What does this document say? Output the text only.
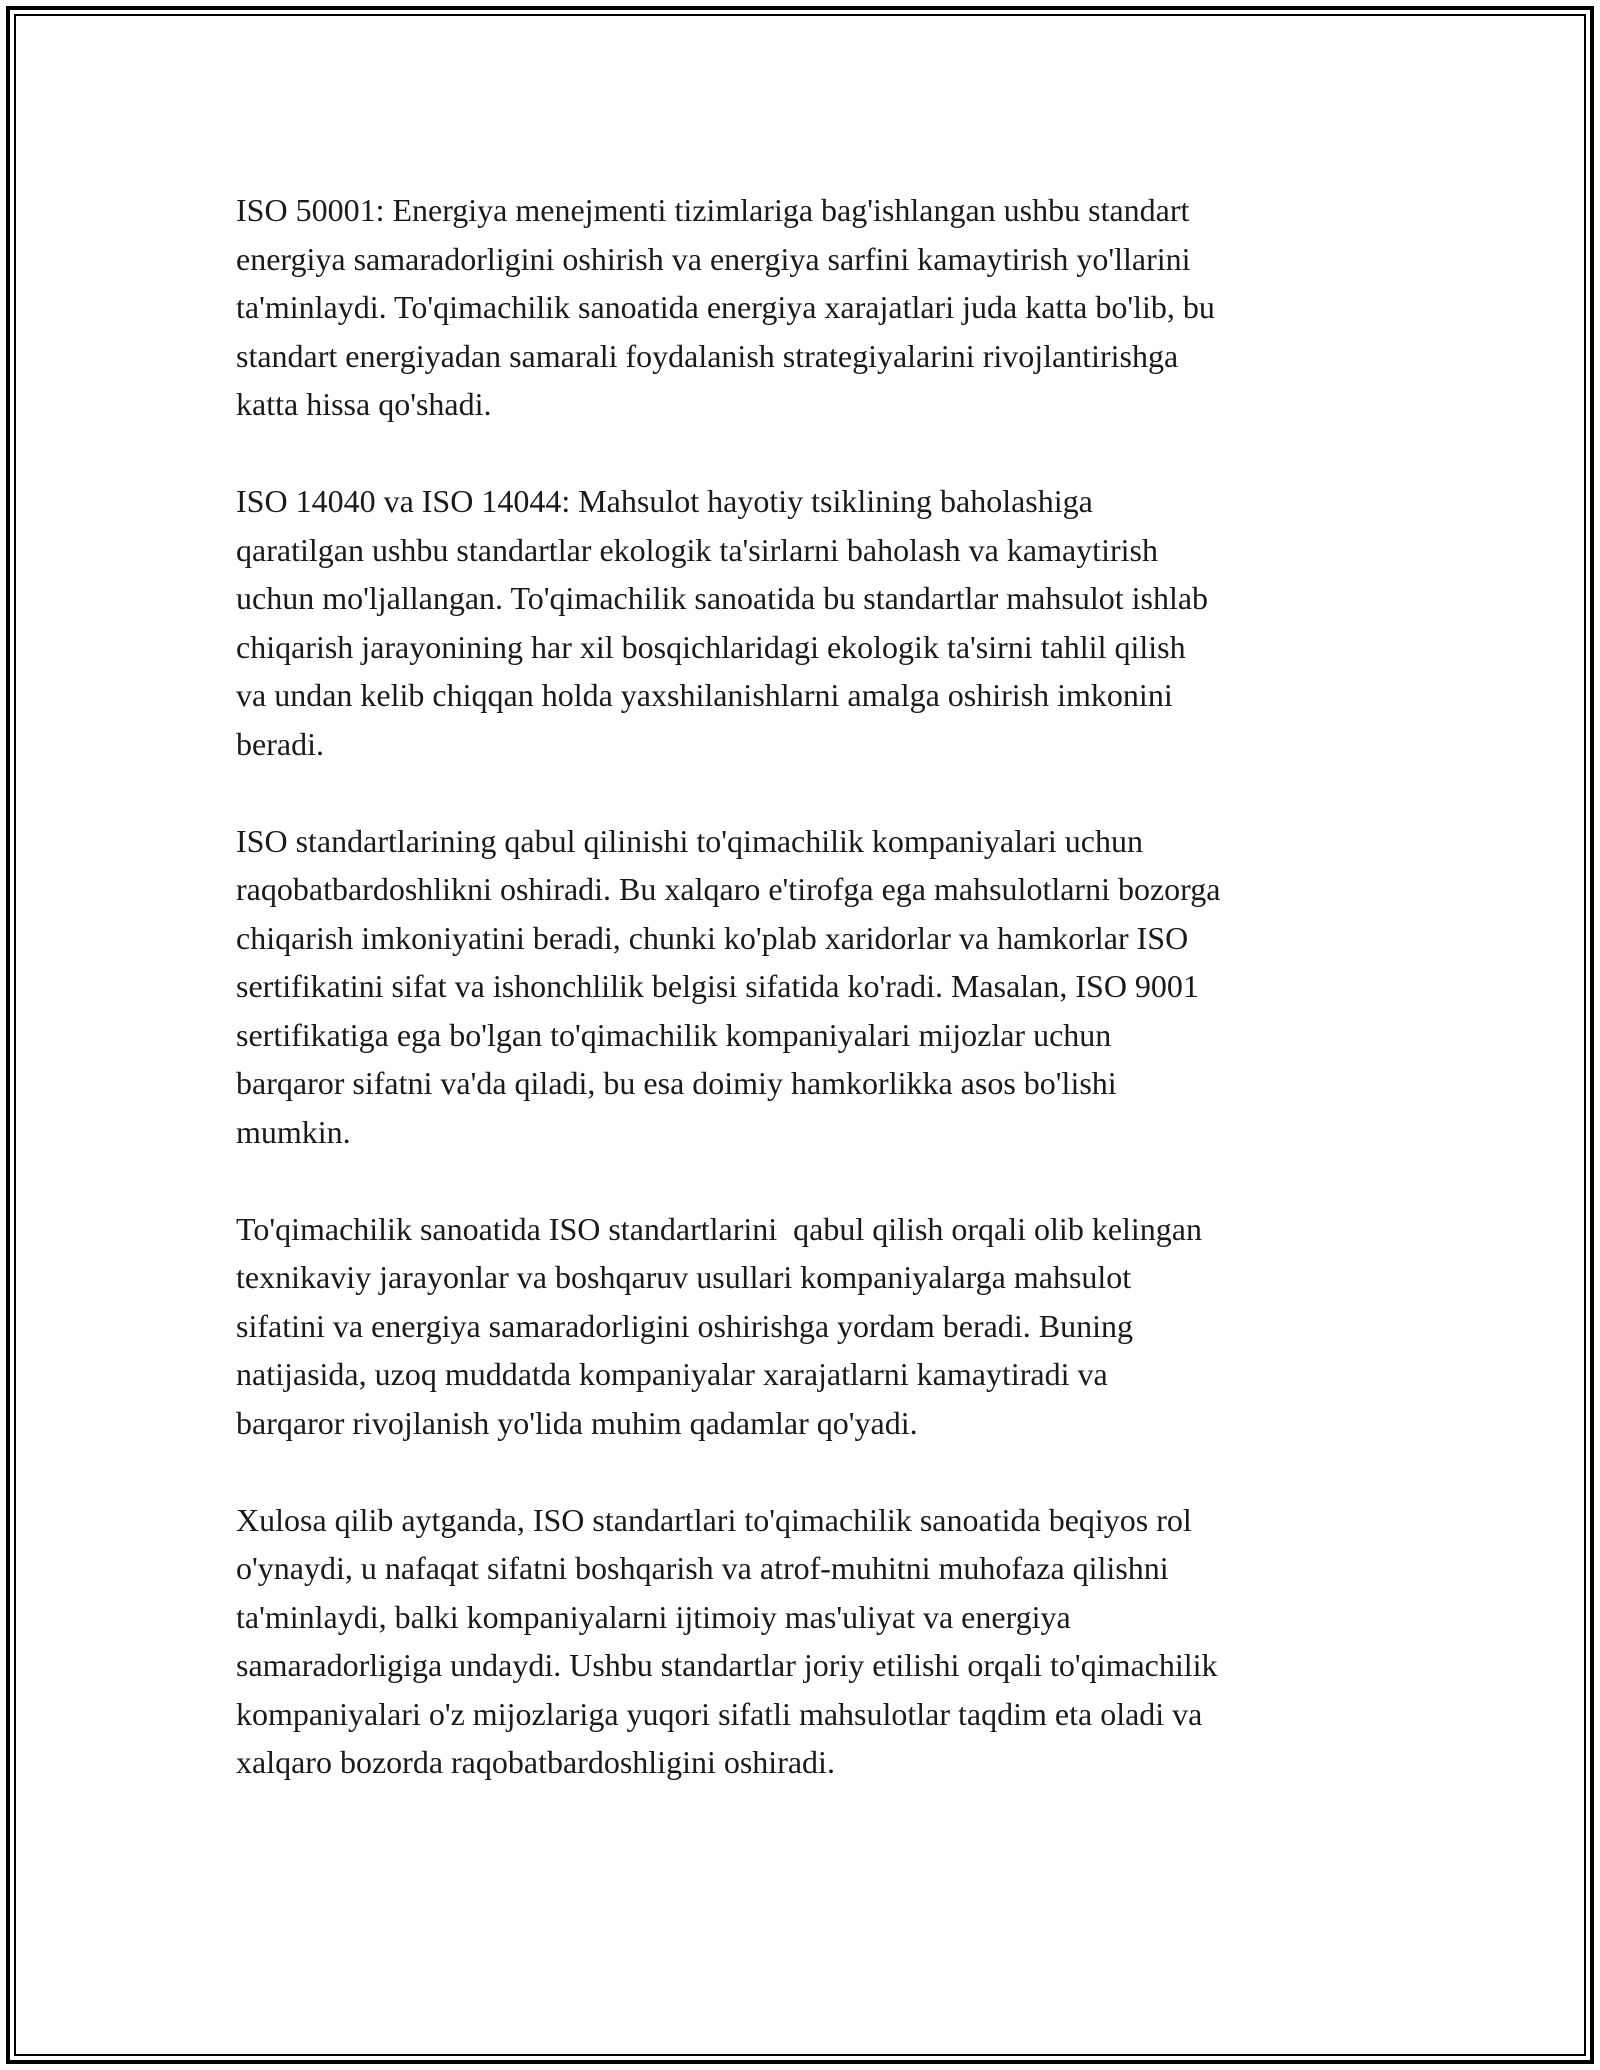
ISO 50001: Energiya menejmenti tizimlariga bag'ishlangan ushbu standart
energiya samaradorligini oshirish va energiya sarfini kamaytirish yo'llarini
ta'minlaydi. To'qimachilik sanoatida energiya xarajatlari juda katta bo'lib, bu
standart energiyadan samarali foydalanish strategiyalarini rivojlantirishga
katta hissa qo'shadi.

ISO 14040 va ISO 14044: Mahsulot hayotiy tsiklining baholashiga
qaratilgan ushbu standartlar ekologik ta'sirlarni baholash va kamaytirish
uchun mo'ljallangan. To'qimachilik sanoatida bu standartlar mahsulot ishlab
chiqarish jarayonining har xil bosqichlaridagi ekologik ta'sirni tahlil qilish
va undan kelib chiqqan holda yaxshilanishlarni amalga oshirish imkonini
beradi.

ISO standartlarining qabul qilinishi to'qimachilik kompaniyalari uchun
raqobatbardoshlikni oshiradi. Bu xalqaro e'tirofga ega mahsulotlarni bozorga
chiqarish imkoniyatini beradi, chunki ko'plab xaridorlar va hamkorlar ISO
sertifikatini sifat va ishonchlilik belgisi sifatida ko'radi. Masalan, ISO 9001
sertifikatiga ega bo'lgan to'qimachilik kompaniyalari mijozlar uchun
barqaror sifatni va'da qiladi, bu esa doimiy hamkorlikka asos bo'lishi
mumkin.

To'qimachilik sanoatida ISO standartlarini  qabul qilish orqali olib kelingan
texnikaviy jarayonlar va boshqaruv usullari kompaniyalarga mahsulot
sifatini va energiya samaradorligini oshirishga yordam beradi. Buning
natijasida, uzoq muddatda kompaniyalar xarajatlarni kamaytiradi va
barqaror rivojlanish yo'lida muhim qadamlar qo'yadi.

Xulosa qilib aytganda, ISO standartlari to'qimachilik sanoatida beqiyos rol
o'ynaydi, u nafaqat sifatni boshqarish va atrof-muhitni muhofaza qilishni
ta'minlaydi, balki kompaniyalarni ijtimoiy mas'uliyat va energiya
samaradorligiga undaydi. Ushbu standartlar joriy etilishi orqali to'qimachilik
kompaniyalari o'z mijozlariga yuqori sifatli mahsulotlar taqdim eta oladi va
xalqaro bozorda raqobatbardoshligini oshiradi.
